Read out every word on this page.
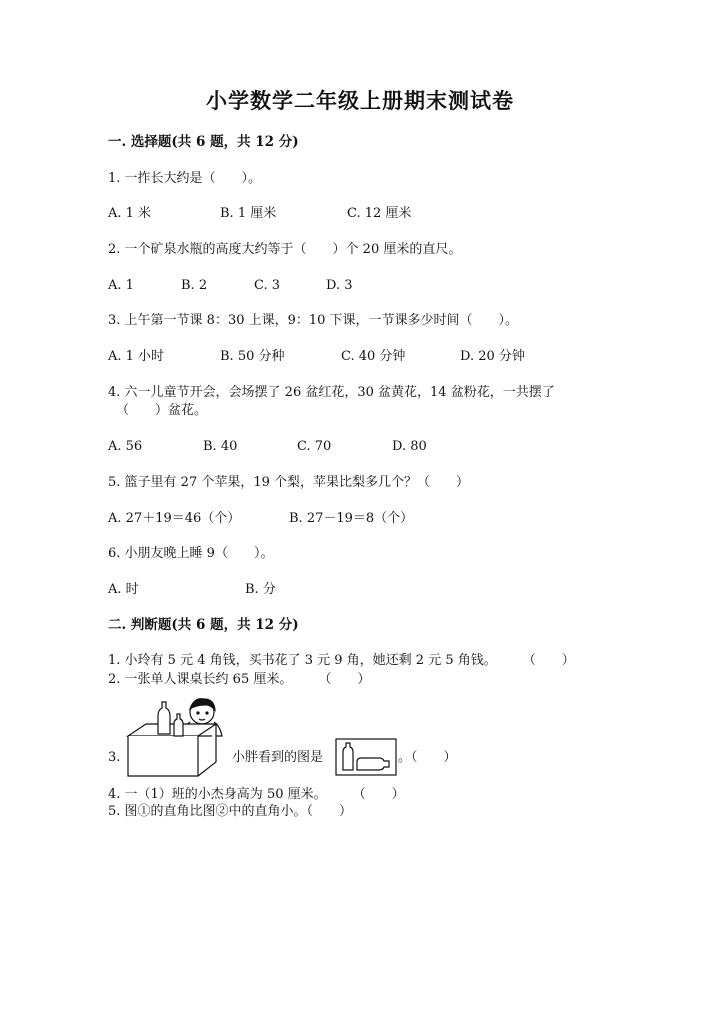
小学数学二年级上册期末测试卷
一. 选择题(共 6 题，共 12 分)
1. 一拃长大约是（　　）。
A. 1 米	B. 1 厘米	C. 12 厘米
2. 一个矿泉水瓶的高度大约等于（　　）个 20 厘米的直尺。
A. 1	B. 2	C. 3	D. 3
3. 上午第一节课 8：30 上课，9：10 下课，一节课多少时间（　　）。
A. 1 小时	B. 50 分种	C. 40 分钟	D. 20 分钟
4. 六一儿童节开会，会场摆了 26 盆红花，30 盆黄花，14 盆粉花，一共摆了
（　　）盆花。
A. 56	B. 40	C. 70	D. 80
5. 篮子里有 27 个苹果，19 个梨，苹果比梨多几个？（　　）
A. 27＋19＝46（个）	B. 27－19＝8（个）
6. 小朋友晚上睡 9（　　）。
A. 时	B. 分
二. 判断题(共 6 题，共 12 分)
1. 小玲有 5 元 4 角钱，买书花了 3 元 9 角，她还剩 2 元 5 角钱。　　　（　　）
2. 一张单人课桌长约 65 厘米。　　　（　　）
3.	小胖看到的图是	。（　　）
4. 一（1）班的小杰身高为 50 厘米。　　　（　　）
5. 图①的直角比图②中的直角小。（　　）
